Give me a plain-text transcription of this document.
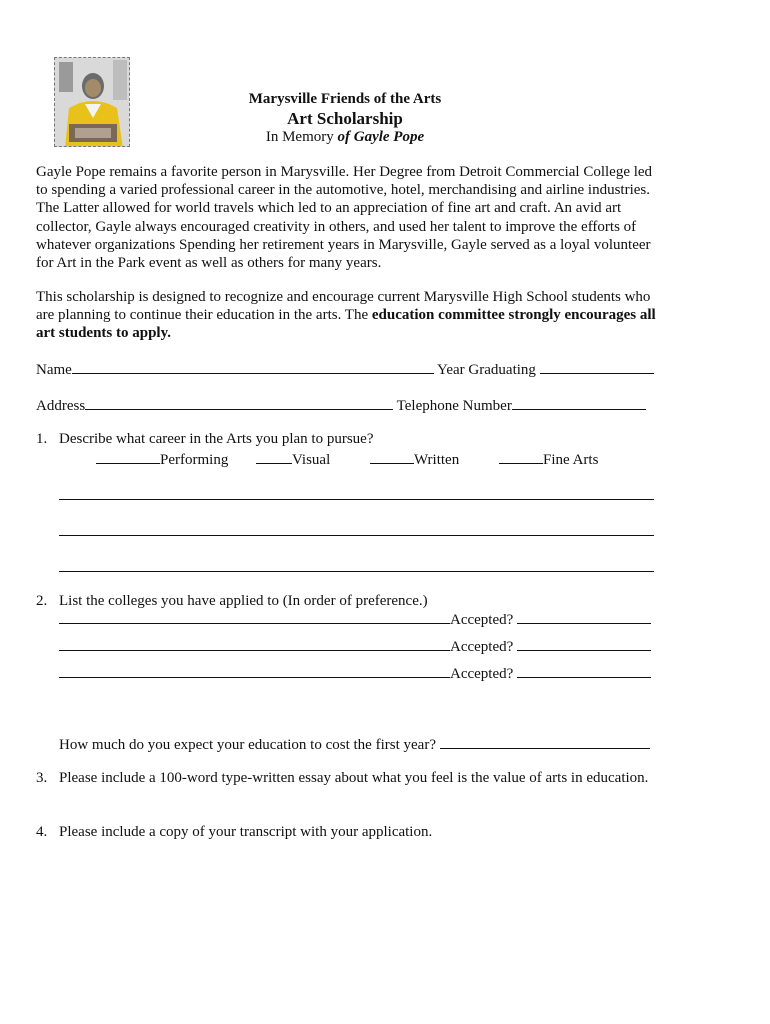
Marysville Friends of the Arts
Art Scholarship
In Memory of Gayle Pope
Gayle Pope remains a favorite person in Marysville. Her Degree from Detroit Commercial College led to spending a varied professional career in the automotive, hotel, merchandising and airline industries. The Latter allowed for world travels which led to an appreciation of fine art and craft. An avid art collector, Gayle always encouraged creativity in others, and used her talent to improve the efforts of whatever organizations Spending her retirement years in Marysville, Gayle served as a loyal volunteer for Art in the Park event as well as others for many years.
This scholarship is designed to recognize and encourage current Marysville High School students who are planning to continue their education in the arts. The education committee strongly encourages all art students to apply.
Name	Year Graduating
Address	Telephone Number
1. Describe what career in the Arts you plan to pursue?
Performing	Visual	Written	Fine Arts
2. List the colleges you have applied to (In order of preference.)
Accepted?
Accepted?
Accepted?
How much do you expect your education to cost the first year?
3. Please include a 100-word type-written essay about what you feel is the value of arts in education.
4. Please include a copy of your transcript with your application.
